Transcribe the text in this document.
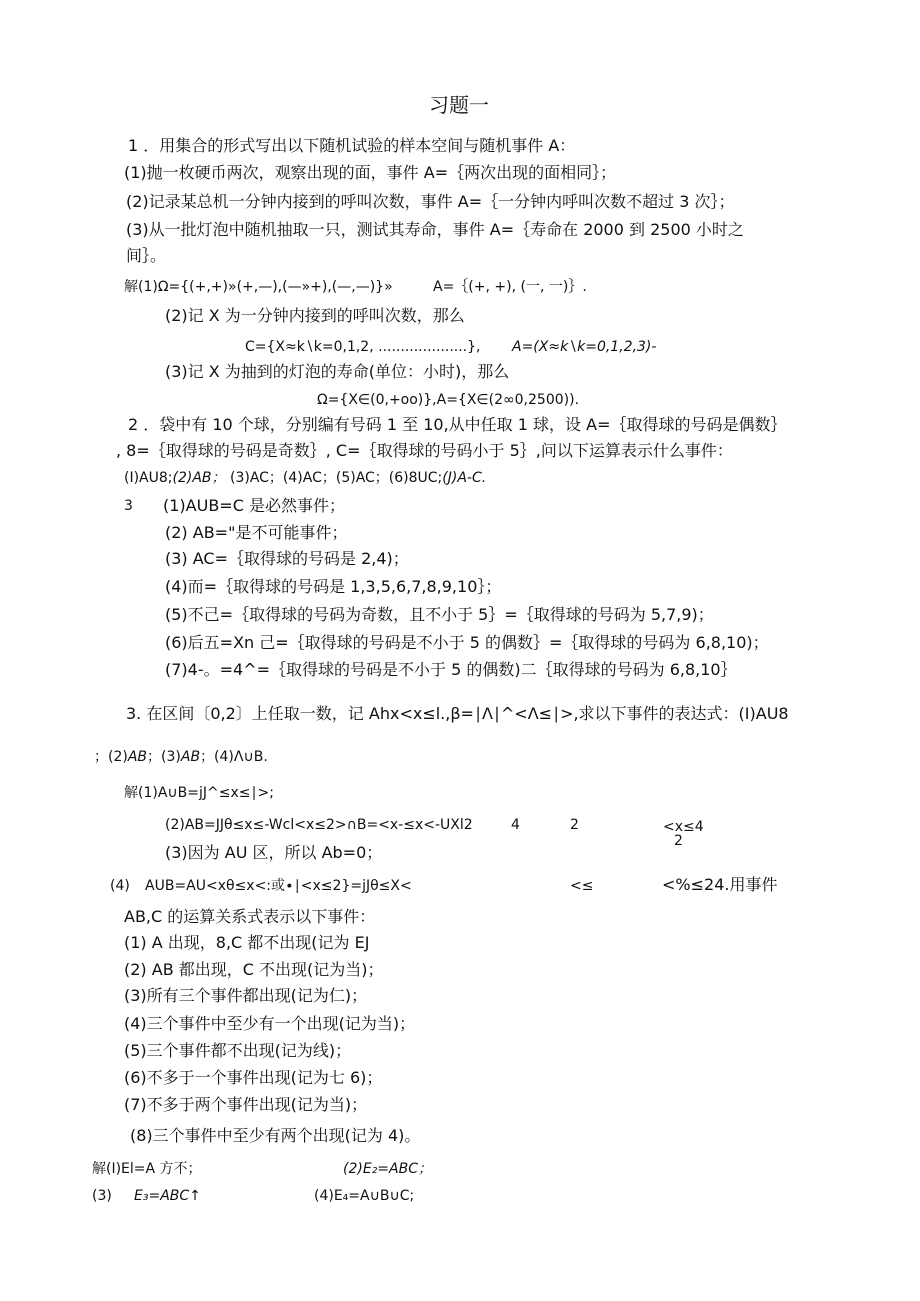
习题一
1 ．用集合的形式写出以下随机试验的样本空间与随机事件 A：
(1)抛一枚硬币两次，观察出现的面，事件 A=｛两次出现的面相同｝；
(2)记录某总机一分钟内接到的呼叫次数，事件 A=｛一分钟内呼叫次数不超过 3 次｝；
(3)从一批灯泡中随机抽取一只，测试其寿命，事件 A=｛寿命在 2000 到 2500 小时之
间｝。
解(1)Ω={(+,+)»(+,—),(—»+),(—,—)}»	A=｛(+, +), (一, 一)｝.
(2)记 X 为一分钟内接到的呼叫次数，那么
C={X≈k∖k=0,1,2, ....................}, A=(X≈k∖k=0,1,2,3)-
(3)记 X 为抽到的灯泡的寿命(单位：小时)，那么
Ω={X∈(0,+oo)},A={X∈(2∞0,2500)).
2 ．袋中有 10 个球，分别编有号码 1 至 10,从中任取 1 球，设 A=｛取得球的号码是偶数｝
, 8=｛取得球的号码是奇数｝, C=｛取得球的号码小于 5｝,问以下运算表示什么事件：
(I)AU8;(2)AB； (3)AC；(4)AC；(5)AC；(6)8UC;(J)A-C.
3 (1)AUB=C 是必然事件；
(2) AB="是不可能事件；
(3) AC=｛取得球的号码是 2,4)；
(4)而=｛取得球的号码是 1,3,5,6,7,8,9,10｝；
(5)不己=｛取得球的号码为奇数，且不小于 5｝=｛取得球的号码为 5,7,9)；
(6)后五=Xn 己=｛取得球的号码是不小于 5 的偶数｝=｛取得球的号码为 6,8,10)；
(7)4-。=4^=｛取得球的号码是不小于 5 的偶数)二｛取得球的号码为 6,8,10｝
3. 在区间〔0,2〕上任取一数，记 Ahx<x≤l.,β=∣Λ∣^<Λ≤∣>,求以下事件的表达式：(I)AU8
；(2)AB；(3)AB；(4)Λ∪B.
解(1)A∪B=jJ^≤x≤∣>;
(2)AB=JJθ≤x≤-Wcl<x≤2>∩B=<x-≤x<-UXl2	4	2	<x≤4
2
(3)因为 AU 区，所以 Ab=0；
(4) AUB=AU<xθ≤x<:或∙∣<x≤2}=jJθ≤X<	<≤	<%≤24.用事件
AB,C 的运算关系式表示以下事件：
(1) A 出现，8,C 都不出现(记为 EJ
(2) AB 都出现，C 不出现(记为当)；
(3)所有三个事件都出现(记为仁)；
(4)三个事件中至少有一个出现(记为当)；
(5)三个事件都不出现(记为线)；
(6)不多于一个事件出现(记为七 6)；
(7)不多于两个事件出现(记为当)；
(8)三个事件中至少有两个出现(记为 4)。
解(I)El=A 方不；	(2)E₂=ABC；
(3) E₃=ABC↑	(4)E₄=A∪B∪C;
